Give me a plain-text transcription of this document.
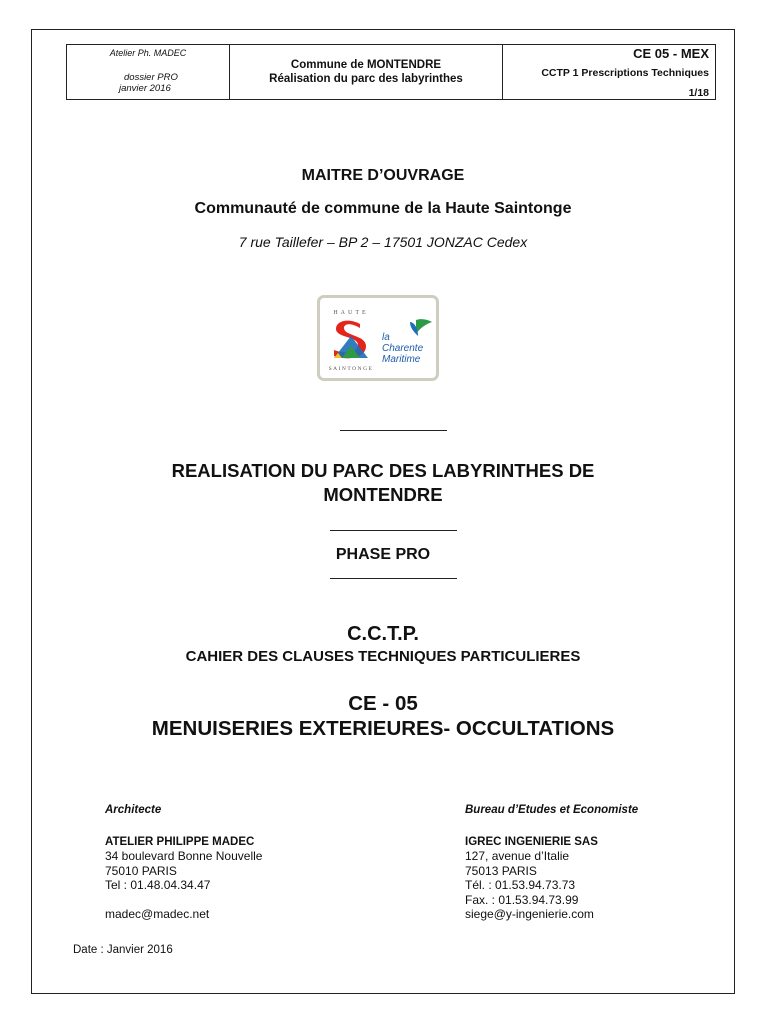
Atelier Ph. MADEC
dossier PRO
janvier 2016
Commune de MONTENDRE
Réalisation du parc des labyrinthes
CE 05 - MEX
CCTP 1 Prescriptions Techniques
1/18
MAITRE D’OUVRAGE
Communauté de commune de la Haute Saintonge
7 rue Taillefer – BP 2 – 17501 JONZAC Cedex
HAUTE
SAINTONGE
la
Charente
Maritime
REALISATION DU PARC DES LABYRINTHES DE
MONTENDRE
PHASE PRO
C.C.T.P.
CAHIER DES CLAUSES TECHNIQUES PARTICULIERES
CE - 05
MENUISERIES EXTERIEURES- OCCULTATIONS
Architecte
ATELIER PHILIPPE MADEC
34 boulevard Bonne Nouvelle
75010 PARIS
Tel : 01.48.04.34.47
madec@madec.net
Bureau d’Etudes et Economiste
IGREC INGENIERIE SAS
127, avenue d’Italie
75013 PARIS
Tél. : 01.53.94.73.73
Fax. : 01.53.94.73.99
siege@y-ingenierie.com
Date : Janvier 2016
